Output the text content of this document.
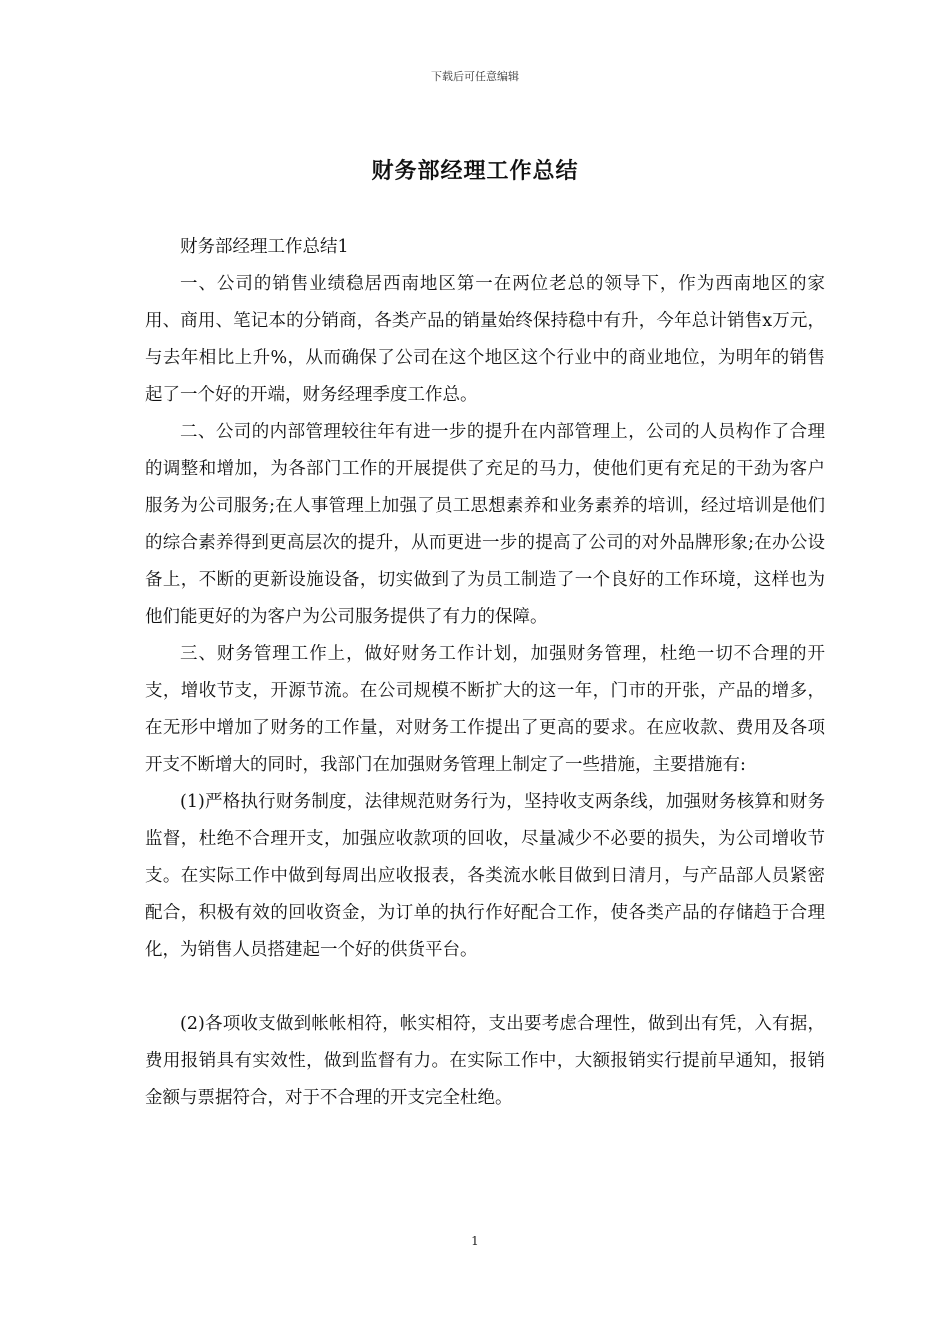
下载后可任意编辑
财务部经理工作总结

财务部经理工作总结1

一、公司的销售业绩稳居西南地区第一在两位老总的领导下，作为西南地区的家用、商用、笔记本的分销商，各类产品的销量始终保持稳中有升，今年总计销售x万元，与去年相比上升%，从而确保了公司在这个地区这个行业中的商业地位，为明年的销售起了一个好的开端，财务经理季度工作总。

二、公司的内部管理较往年有进一步的提升在内部管理上，公司的人员构作了合理的调整和增加，为各部门工作的开展提供了充足的马力，使他们更有充足的干劲为客户服务为公司服务;在人事管理上加强了员工思想素养和业务素养的培训，经过培训是他们的综合素养得到更高层次的提升，从而更进一步的提高了公司的对外品牌形象;在办公设备上，不断的更新设施设备，切实做到了为员工制造了一个良好的工作环境，这样也为他们能更好的为客户为公司服务提供了有力的保障。

三、财务管理工作上，做好财务工作计划，加强财务管理，杜绝一切不合理的开支，增收节支，开源节流。在公司规模不断扩大的这一年，门市的开张，产品的增多，在无形中增加了财务的工作量，对财务工作提出了更高的要求。在应收款、费用及各项开支不断增大的同时，我部门在加强财务管理上制定了一些措施，主要措施有:

(1)严格执行财务制度，法律规范财务行为，坚持收支两条线，加强财务核算和财务监督，杜绝不合理开支，加强应收款项的回收，尽量减少不必要的损失，为公司增收节支。在实际工作中做到每周出应收报表，各类流水帐目做到日清月，与产品部人员紧密配合，积极有效的回收资金，为订单的执行作好配合工作，使各类产品的存储趋于合理化，为销售人员搭建起一个好的供货平台。

(2)各项收支做到帐帐相符，帐实相符，支出要考虑合理性，做到出有凭，入有据，费用报销具有实效性，做到监督有力。在实际工作中，大额报销实行提前早通知，报销金额与票据符合，对于不合理的开支完全杜绝。

1
